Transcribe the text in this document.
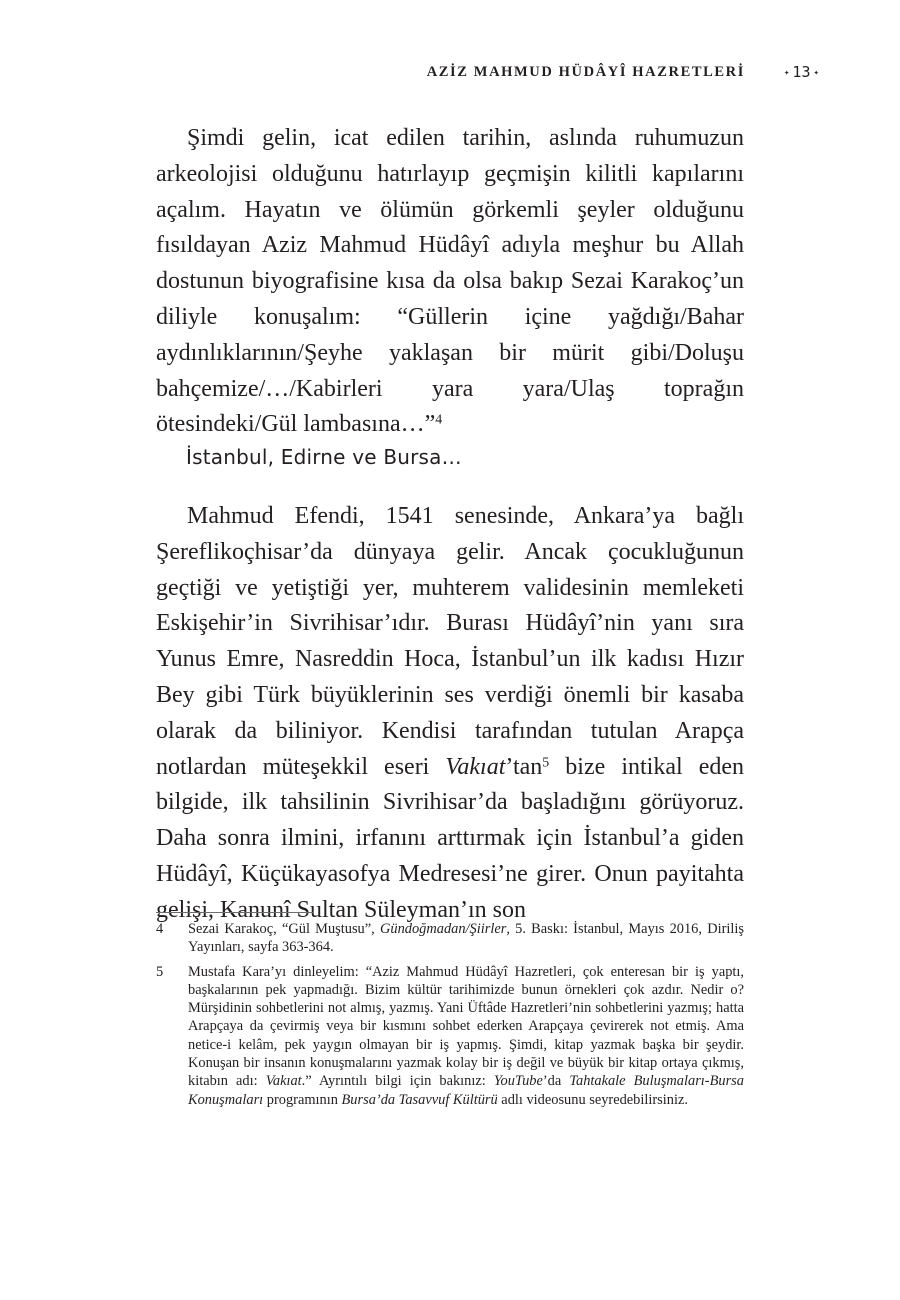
AZİZ MAHMUD HÜDÂYÎ HAZRETLERİ	✦ 13 ✦

Şimdi gelin, icat edilen tarihin, aslında ruhumuzun arkeolojisi olduğunu hatırlayıp geçmişin kilitli kapılarını açalım. Hayatın ve ölümün görkemli şeyler olduğunu fısıldayan Aziz Mahmud Hüdâyî adıyla meşhur bu Allah dostunun biyografisine kısa da olsa bakıp Sezai Karakoç’un diliyle konuşalım: “Güllerin içine yağdığı/Bahar aydınlıklarının/Şeyhe yaklaşan bir mürit gibi/Doluşu bahçemize/…/Kabirleri yara yara/Ulaş toprağın ötesindeki/Gül lambasına…”$^4$

İstanbul, Edirne ve Bursa…

Mahmud Efendi, 1541 senesinde, Ankara’ya bağlı Şereflikoçhisar’da dünyaya gelir. Ancak çocukluğunun geçtiği ve yetiştiği yer, muhterem validesinin memleketi Eskişehir’in Sivrihisar’ıdır. Burası Hüdâyî’nin yanı sıra Yunus Emre, Nasreddin Hoca, İstanbul’un ilk kadısı Hızır Bey gibi Türk büyüklerinin ses verdiği önemli bir kasaba olarak da biliniyor. Kendisi tarafından tutulan Arapça notlardan müteşekkil eseri $Vakıat’\tan^5$ bize intikal eden bilgide, ilk tahsilinin Sivrihisar’da başladığını görüyoruz. Daha sonra ilmini, irfanını arttırmak için İstanbul’a giden Hüdâyî, Küçükayasofya Medresesi’ne girer. Onun payitahta gelişi, Kanunî Sultan Süleyman’ın son

4 Sezai Karakoç, “Gül Muştusu”, Gündoğmadan/Şiirler, 5. Baskı: İstanbul, Mayıs 2016, Diriliş Yayınları, sayfa 363-364.
5 Mustafa Kara’yı dinleyelim: “Aziz Mahmud Hüdâyî Hazretleri, çok enteresan bir iş yaptı, başkalarının pek yapmadığı. Bizim kültür tarihimizde bunun örnekleri çok azdır. Nedir o? Mürşidinin sohbetlerini not almış, yazmış. Yani Üftâde Hazretleri’nin sohbetlerini yazmış; hatta Arapçaya da çevirmiş veya bir kısmını sohbet ederken Arapçaya çevirerek not etmiş. Ama netice-i kelâm, pek yaygın olmayan bir iş yapmış. Şimdi, kitap yazmak başka bir şeydir. Konuşan bir insanın konuşmalarını yazmak kolay bir iş değil ve büyük bir kitap ortaya çıkmış, kitabın adı: Vakıat.” Ayrıntılı bilgi için bakınız: YouTube’da Tahtakale Buluşmaları-Bursa Konuşmaları programının Bursa’da Tasavvuf Kültürü adlı videosunu seyredebilirsiniz.
